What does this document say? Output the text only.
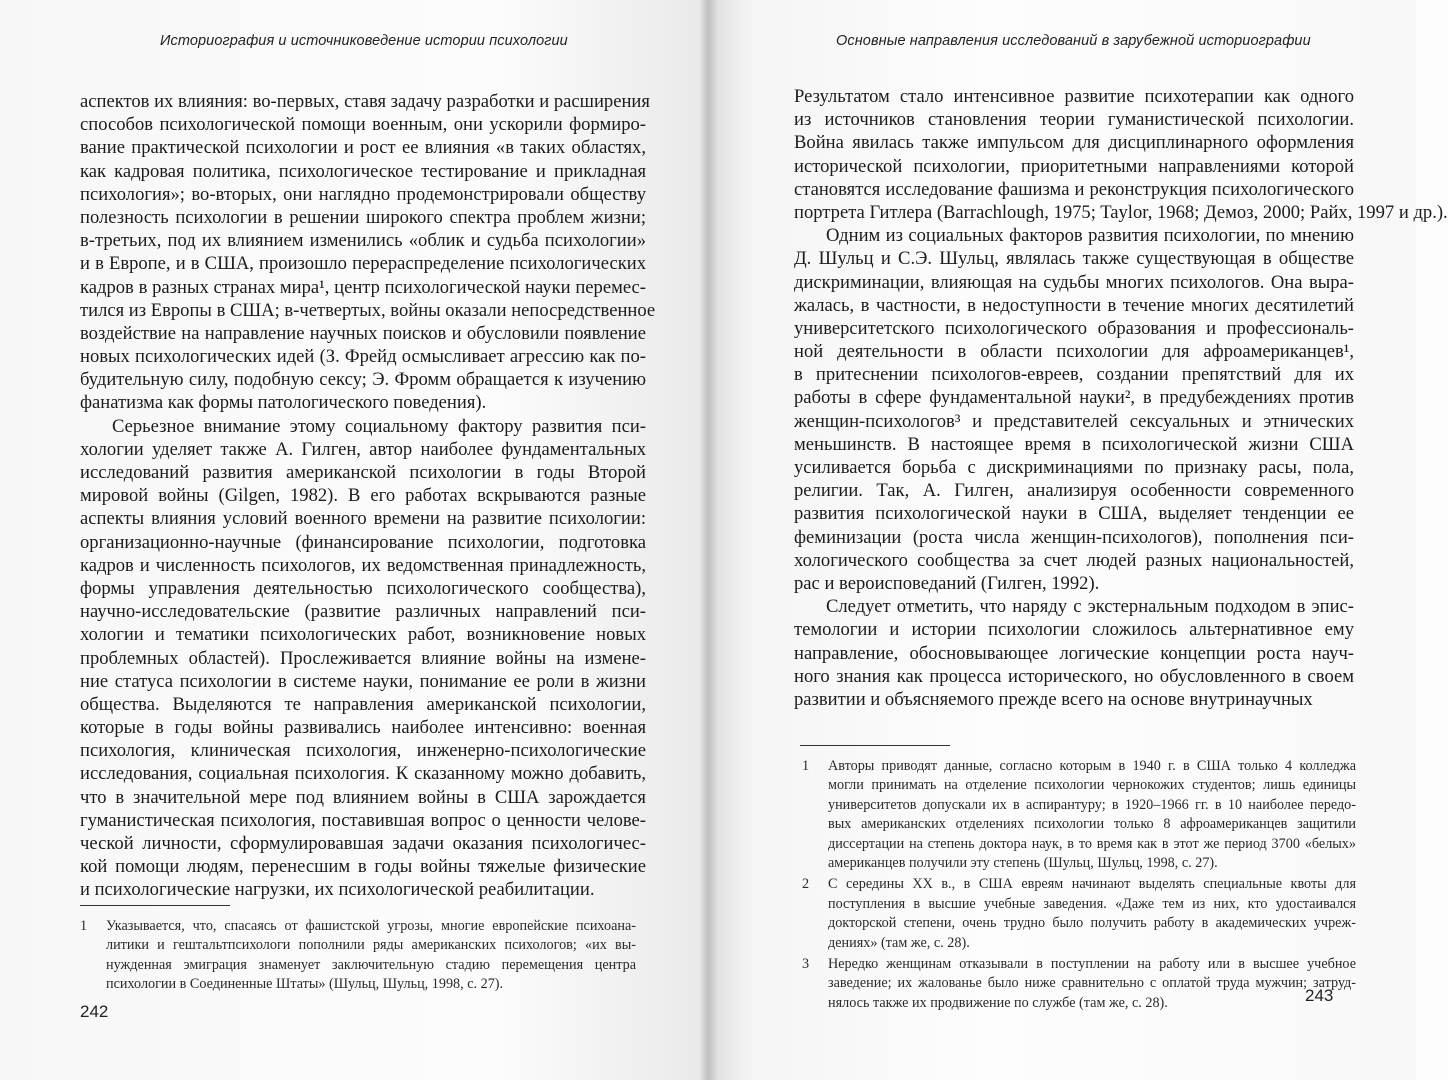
Историография и источниковедение истории психологии
аспектов их влияния: во-первых, ставя задачу разработки и расширения
способов психологической помощи военным, они ускорили формиро-
вание практической психологии и рост ее влияния «в таких областях,
как кадровая политика, психологическое тестирование и прикладная
психология»; во-вторых, они наглядно продемонстрировали обществу
полезность психологии в решении широкого спектра проблем жизни;
в-третьих, под их влиянием изменились «облик и судьба психологии»
и в Европе, и в США, произошло перераспределение психологических
кадров в разных странах мира¹, центр психологической науки перемес-
тился из Европы в США; в-четвертых, войны оказали непосредственное
воздействие на направление научных поисков и обусловили появление
новых психологических идей (З. Фрейд осмысливает агрессию как по-
будительную силу, подобную сексу; Э. Фромм обращается к изучению
фанатизма как формы патологического поведения).
Серьезное внимание этому социальному фактору развития пси-
хологии уделяет также А. Гилген, автор наиболее фундаментальных
исследований развития американской психологии в годы Второй
мировой войны (Gilgen, 1982). В его работах вскрываются разные
аспекты влияния условий военного времени на развитие психологии:
организационно-научные (финансирование психологии, подготовка
кадров и численность психологов, их ведомственная принадлежность,
формы управления деятельностью психологического сообщества),
научно-исследовательские (развитие различных направлений пси-
хологии и тематики психологических работ, возникновение новых
проблемных областей). Прослеживается влияние войны на измене-
ние статуса психологии в системе науки, понимание ее роли в жизни
общества. Выделяются те направления американской психологии,
которые в годы войны развивались наиболее интенсивно: военная
психология, клиническая психология, инженерно-психологические
исследования, социальная психология. К сказанному можно добавить,
что в значительной мере под влиянием войны в США зарождается
гуманистическая психология, поставившая вопрос о ценности челове-
ческой личности, сформулировавшая задачи оказания психологичес-
кой помощи людям, перенесшим в годы войны тяжелые физические
и психологические нагрузки, их психологической реабилитации.
1 Указывается, что, спасаясь от фашистской угрозы, многие европейские психоана-
литики и гештальтпсихологи пополнили ряды американских психологов; «их вы-
нужденная эмиграция знаменует заключительную стадию перемещения центра
психологии в Соединенные Штаты» (Шульц, Шульц, 1998, с. 27).
242
Основные направления исследований в зарубежной историографии
Результатом стало интенсивное развитие психотерапии как одного
из источников становления теории гуманистической психологии.
Война явилась также импульсом для дисциплинарного оформления
исторической психологии, приоритетными направлениями которой
становятся исследование фашизма и реконструкция психологического
портрета Гитлера (Barrachlough, 1975; Taylor, 1968; Демоз, 2000; Райх, 1997 и др.).
Одним из социальных факторов развития психологии, по мнению
Д. Шульц и С.Э. Шульц, являлась также существующая в обществе
дискриминации, влияющая на судьбы многих психологов. Она выра-
жалась, в частности, в недоступности в течение многих десятилетий
университетского психологического образования и профессиональ-
ной деятельности в области психологии для афроамериканцев¹,
в притеснении психологов-евреев, создании препятствий для их
работы в сфере фундаментальной науки², в предубеждениях против
женщин-психологов³ и представителей сексуальных и этнических
меньшинств. В настоящее время в психологической жизни США
усиливается борьба с дискриминациями по признаку расы, пола,
религии. Так, А. Гилген, анализируя особенности современного
развития психологической науки в США, выделяет тенденции ее
феминизации (роста числа женщин-психологов), пополнения пси-
хологического сообщества за счет людей разных национальностей,
рас и вероисповеданий (Гилген, 1992).
Следует отметить, что наряду с экстернальным подходом в эпис-
темологии и истории психологии сложилось альтернативное ему
направление, обосновывающее логические концепции роста науч-
ного знания как процесса исторического, но обусловленного в своем
развитии и объясняемого прежде всего на основе внутринаучных
1 Авторы приводят данные, согласно которым в 1940 г. в США только 4 колледжа
могли принимать на отделение психологии чернокожих студентов; лишь единицы
университетов допускали их в аспирантуру; в 1920–1966 гг. в 10 наиболее передо-
вых американских отделениях психологии только 8 афроамериканцев защитили
диссертации на степень доктора наук, в то время как в этот же период 3700 «белых»
американцев получили эту степень (Шульц, Шульц, 1998, с. 27).
2 С середины XX в., в США евреям начинают выделять специальные квоты для
поступления в высшие учебные заведения. «Даже тем из них, кто удостаивался
докторской степени, очень трудно было получить работу в академических учреж-
дениях» (там же, с. 28).
3 Нередко женщинам отказывали в поступлении на работу или в высшее учебное
заведение; их жалованье было ниже сравнительно с оплатой труда мужчин; затруд-
нялось также их продвижение по службе (там же, с. 28).	243
